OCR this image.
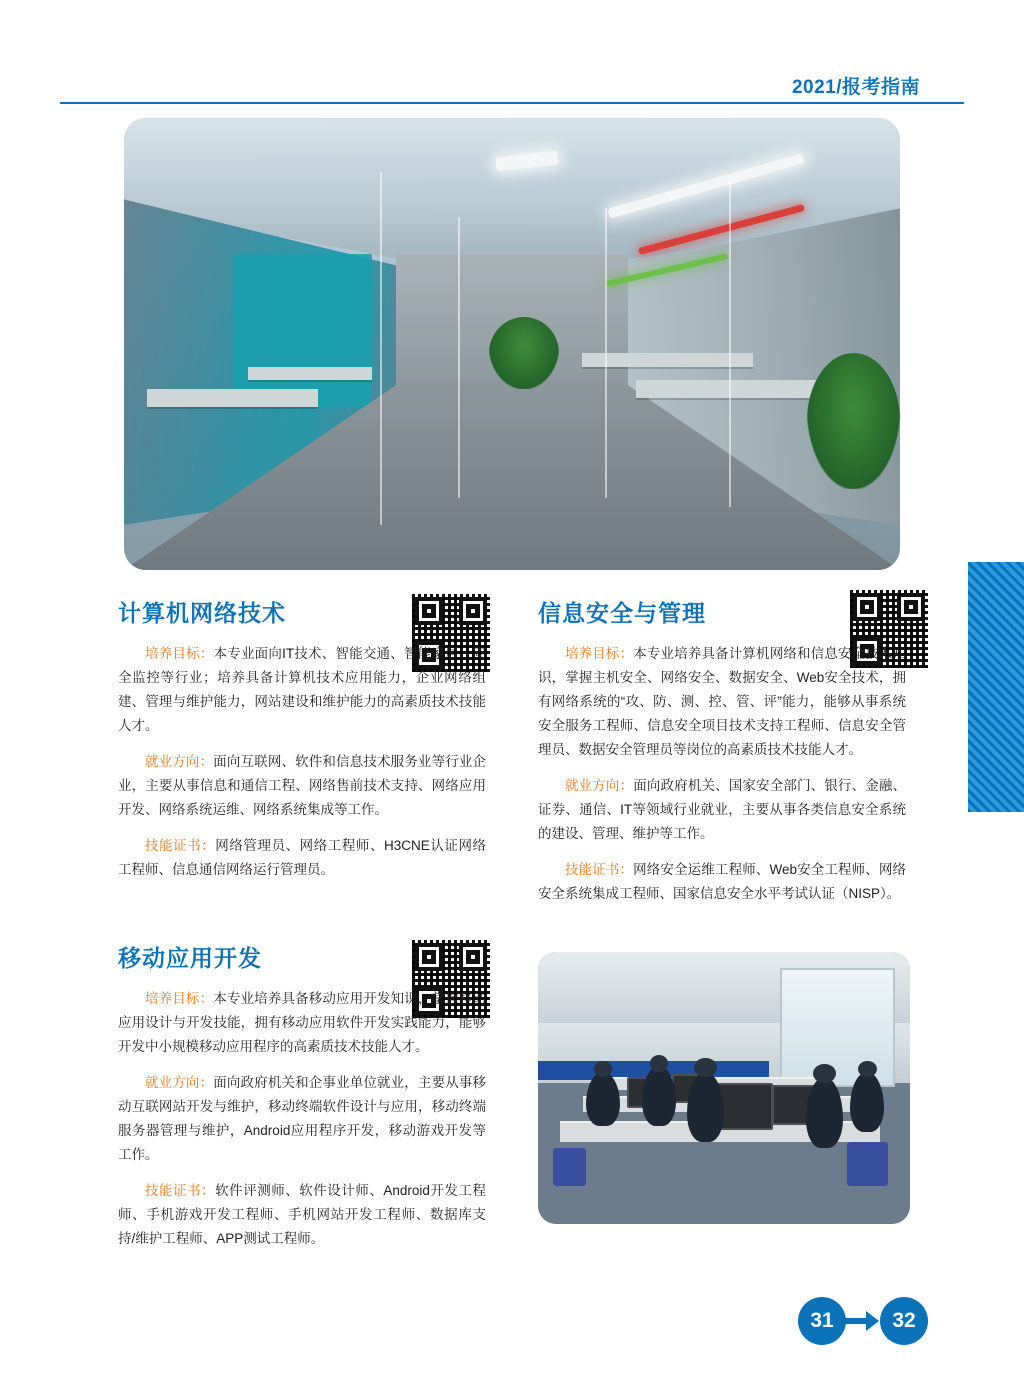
2021/报考指南
计算机网络技术

培养目标：本专业面向IT技术、智能交通、智能家居、安全监控等行业；培养具备计算机技术应用能力，企业网络组建、管理与维护能力，网站建设和维护能力的高素质技术技能人才。

就业方向：面向互联网、软件和信息技术服务业等行业企业，主要从事信息和通信工程、网络售前技术支持、网络应用开发、网络系统运维、网络系统集成等工作。

技能证书：网络管理员、网络工程师、H3CNE认证网络工程师、信息通信网络运行管理员。

信息安全与管理

培养目标：本专业培养具备计算机网络和信息安全技术知识，掌握主机安全、网络安全、数据安全、Web安全技术，拥有网络系统的“攻、防、测、控、管、评”能力，能够从事系统安全服务工程师、信息安全项目技术支持工程师、信息安全管理员、数据安全管理员等岗位的高素质技术技能人才。

就业方向：面向政府机关、国家安全部门、银行、金融、证券、通信、IT等领域行业就业，主要从事各类信息安全系统的建设、管理、维护等工作。

技能证书：网络安全运维工程师、Web安全工程师、网络安全系统集成工程师、国家信息安全水平考试认证（NISP）。

移动应用开发

培养目标：本专业培养具备移动应用开发知识，掌握移动应用设计与开发技能，拥有移动应用软件开发实践能力，能够开发中小规模移动应用程序的高素质技术技能人才。

就业方向：面向政府机关和企事业单位就业，主要从事移动互联网站开发与维护，移动终端软件设计与应用，移动终端服务器管理与维护，Android应用程序开发，移动游戏开发等工作。

技能证书：软件评测师、软件设计师、Android开发工程师、手机游戏开发工程师、手机网站开发工程师、数据库支持/维护工程师、APP测试工程师。

31	32
